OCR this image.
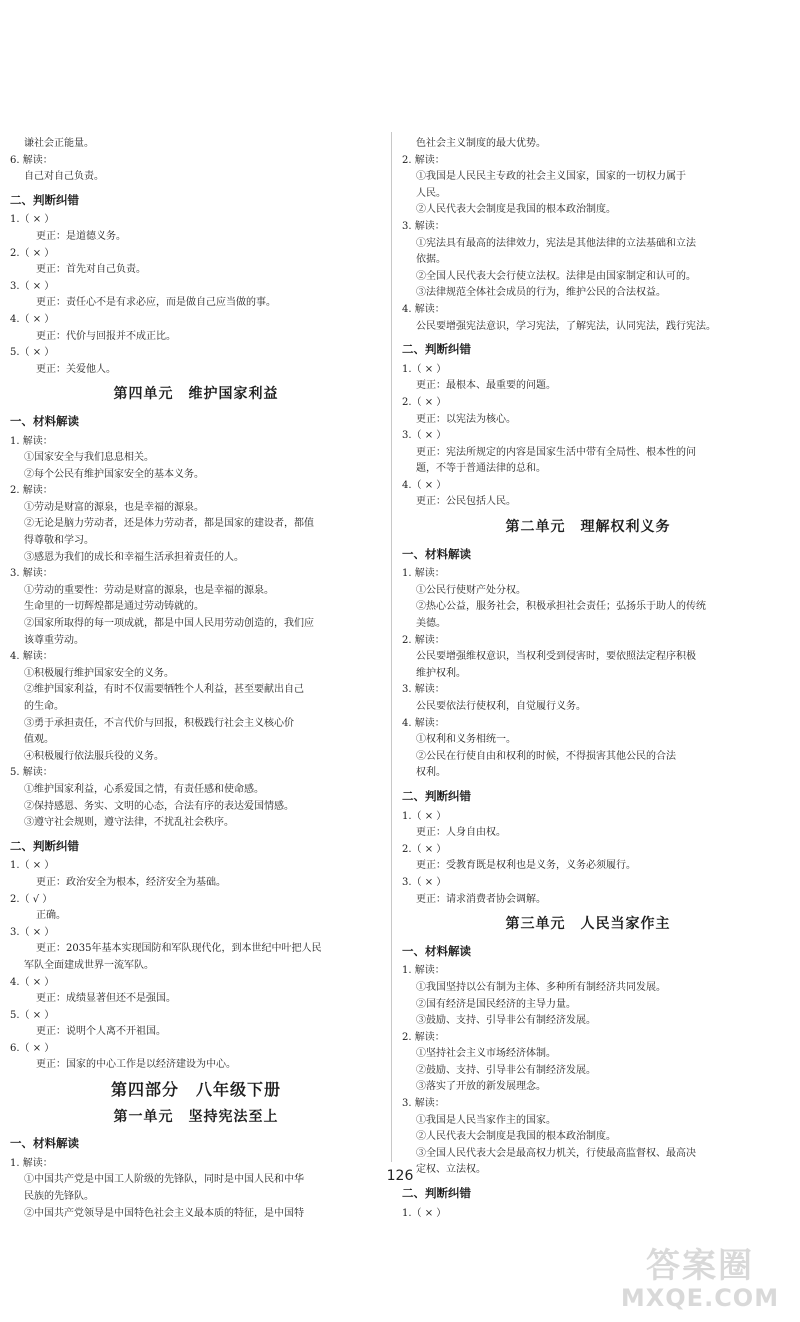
谦社会正能量。
6. 解读：
自己对自己负责。
二、判断纠错
1.（ × ）
更正：是道德义务。
2.（ × ）
更正：首先对自己负责。
3.（ × ）
更正：责任心不是有求必应，而是做自己应当做的事。
4.（ × ）
更正：代价与回报并不成正比。
5.（ × ）
更正：关爱他人。
第四单元　维护国家利益
一、材料解读
1. 解读：
①国家安全与我们息息相关。
②每个公民有维护国家安全的基本义务。
2. 解读：
①劳动是财富的源泉，也是幸福的源泉。
②无论是脑力劳动者，还是体力劳动者，都是国家的建设者，都值
得尊敬和学习。
③感恩为我们的成长和幸福生活承担着责任的人。
3. 解读：
①劳动的重要性：劳动是财富的源泉，也是幸福的源泉。
生命里的一切辉煌都是通过劳动铸就的。
②国家所取得的每一项成就，都是中国人民用劳动创造的，我们应
该尊重劳动。
4. 解读：
①积极履行维护国家安全的义务。
②维护国家利益，有时不仅需要牺牲个人利益，甚至要献出自己
的生命。
③勇于承担责任，不言代价与回报，积极践行社会主义核心价
值观。
④积极履行依法服兵役的义务。
5. 解读：
①维护国家利益，心系爱国之情，有责任感和使命感。
②保持感恩、务实、文明的心态，合法有序的表达爱国情感。
③遵守社会规则，遵守法律，不扰乱社会秩序。
二、判断纠错
1.（ × ）
更正：政治安全为根本，经济安全为基础。
2.（ √ ）
正确。
3.（ × ）
更正：2035年基本实现国防和军队现代化，到本世纪中叶把人民
军队全面建成世界一流军队。
4.（ × ）
更正：成绩显著但还不是强国。
5.（ × ）
更正：说明个人离不开祖国。
6.（ × ）
更正：国家的中心工作是以经济建设为中心。
第四部分　八年级下册
第一单元　坚持宪法至上
一、材料解读
1. 解读：
①中国共产党是中国工人阶级的先锋队，同时是中国人民和中华
民族的先锋队。
②中国共产党领导是中国特色社会主义最本质的特征，是中国特
色社会主义制度的最大优势。
2. 解读：
①我国是人民民主专政的社会主义国家，国家的一切权力属于
人民。
②人民代表大会制度是我国的根本政治制度。
3. 解读：
①宪法具有最高的法律效力，宪法是其他法律的立法基础和立法
依据。
②全国人民代表大会行使立法权。法律是由国家制定和认可的。
③法律规范全体社会成员的行为，维护公民的合法权益。
4. 解读：
公民要增强宪法意识，学习宪法，了解宪法，认同宪法，践行宪法。
二、判断纠错
1.（ × ）
更正：最根本、最重要的问题。
2.（ × ）
更正：以宪法为核心。
3.（ × ）
更正：宪法所规定的内容是国家生活中带有全局性、根本性的问
题，不等于普通法律的总和。
4.（ × ）
更正：公民包括人民。
第二单元　理解权利义务
一、材料解读
1. 解读：
①公民行使财产处分权。
②热心公益，服务社会，积极承担社会责任；弘扬乐于助人的传统
美德。
2. 解读：
公民要增强维权意识，当权利受到侵害时，要依照法定程序积极
维护权利。
3. 解读：
公民要依法行使权利，自觉履行义务。
4. 解读：
①权利和义务相统一。
②公民在行使自由和权利的时候，不得损害其他公民的合法
权利。
二、判断纠错
1.（ × ）
更正：人身自由权。
2.（ × ）
更正：受教育既是权利也是义务，义务必须履行。
3.（ × ）
更正：请求消费者协会调解。
第三单元　人民当家作主
一、材料解读
1. 解读：
①我国坚持以公有制为主体、多种所有制经济共同发展。
②国有经济是国民经济的主导力量。
③鼓励、支持、引导非公有制经济发展。
2. 解读：
①坚持社会主义市场经济体制。
②鼓励、支持、引导非公有制经济发展。
③落实了开放的新发展理念。
3. 解读：
①我国是人民当家作主的国家。
②人民代表大会制度是我国的根本政治制度。
③全国人民代表大会是最高权力机关，行使最高监督权、最高决
定权、立法权。
二、判断纠错
1.（ × ）
126
答案圈
MXQE.COM
